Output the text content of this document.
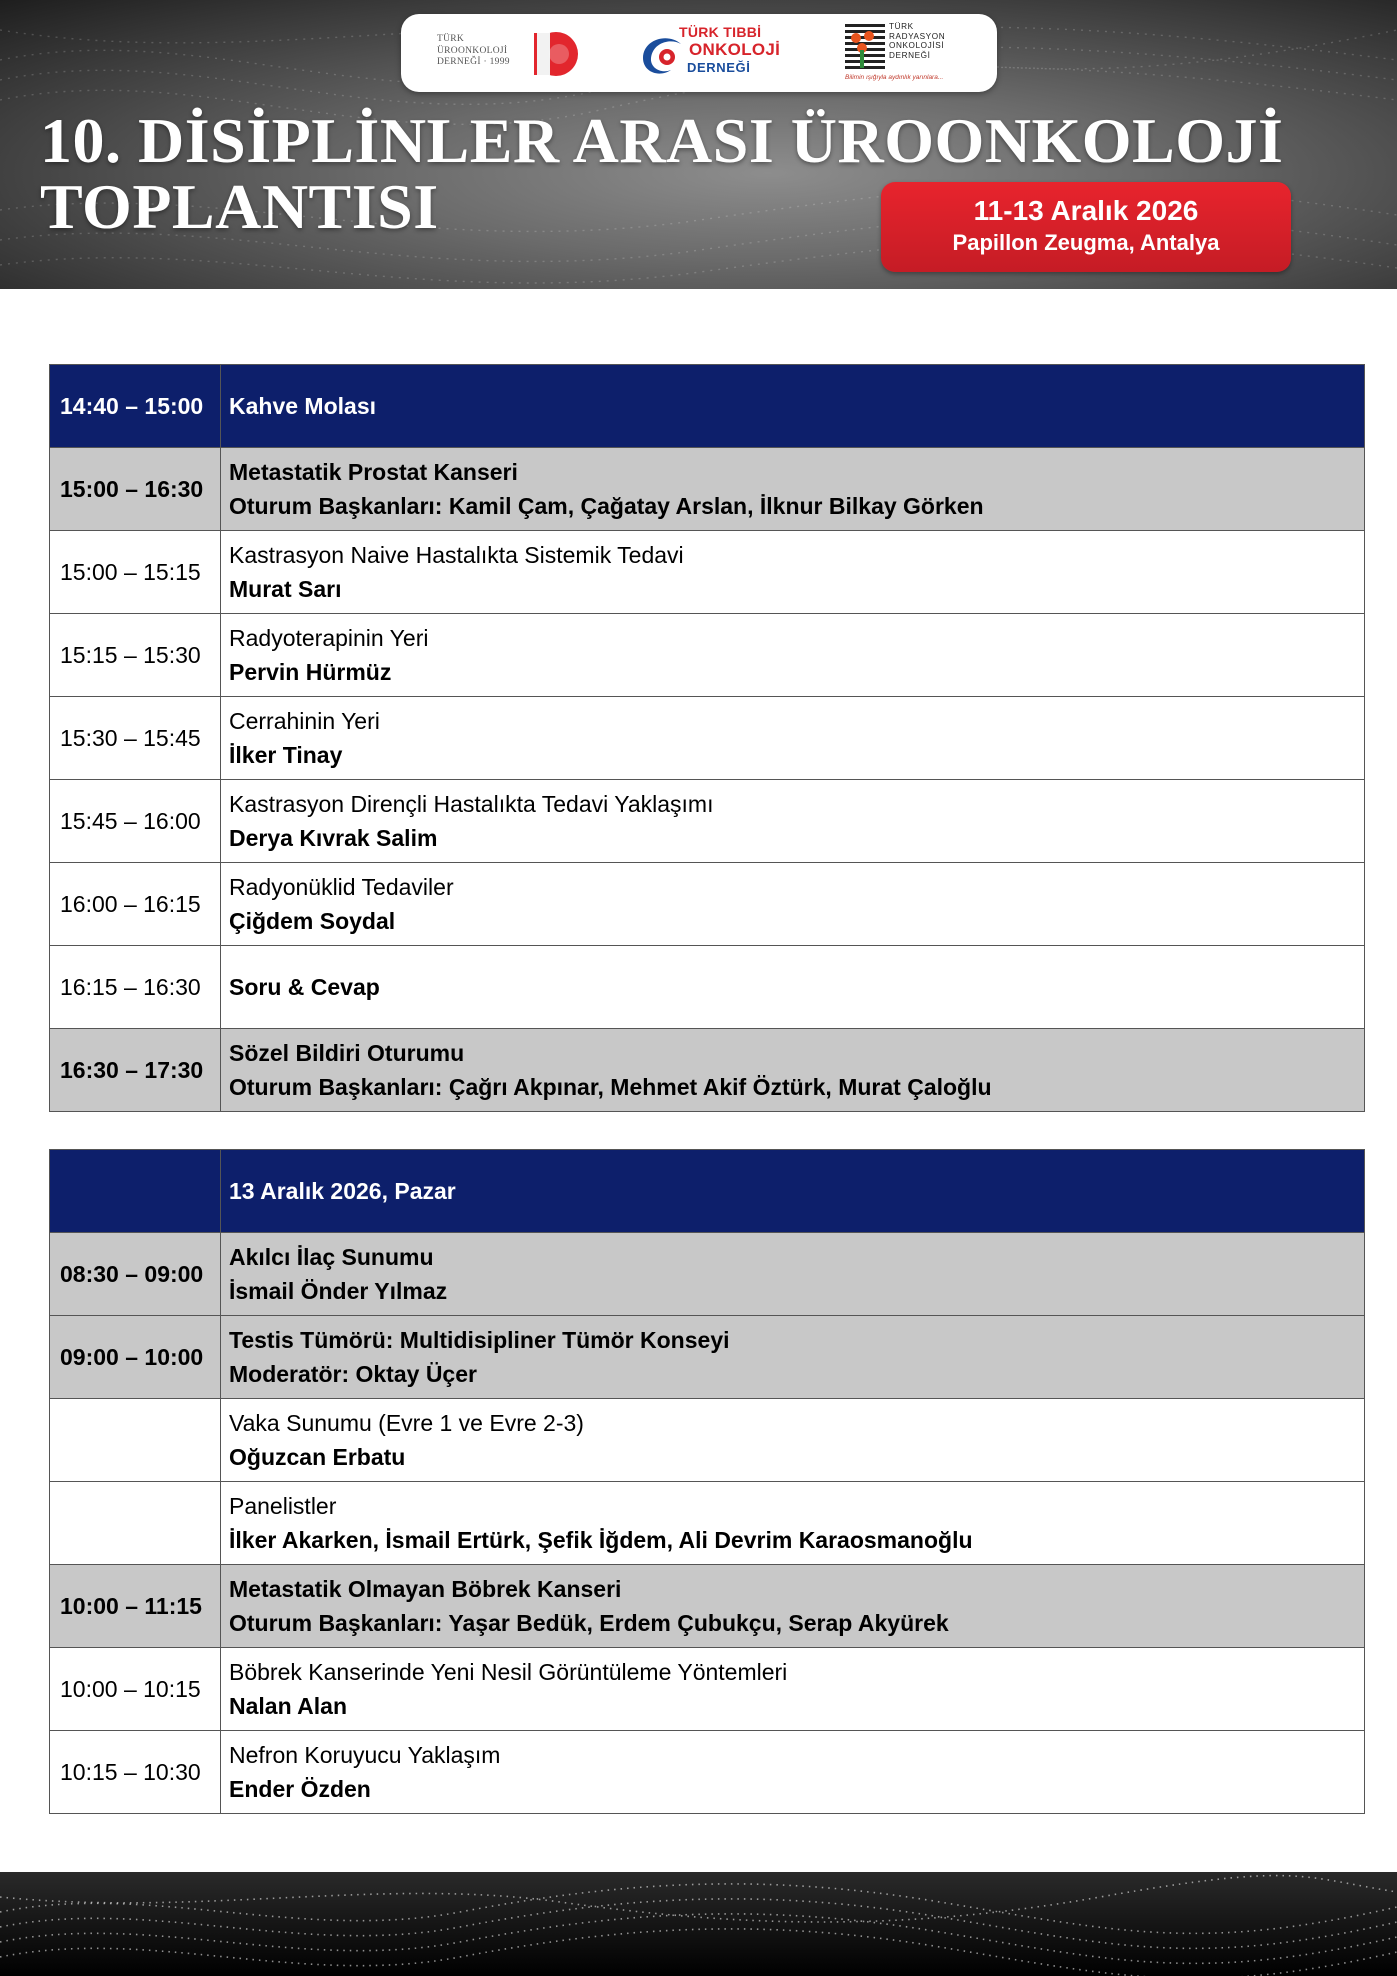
TÜRK
ÜROONKOLOJİ
DERNEĞİ · 1999
TÜRK TIBBİ
ONKOLOJİ
DERNEĞİ
TÜRK
RADYASYON
ONKOLOJİSİ
DERNEĞİ
Bilimin ışığıyla aydınlık yarınlara...
10. DİSİPLİNLER ARASI ÜROONKOLOJİ
TOPLANTISI	11-13 Aralık 2026
Papillon Zeugma, Antalya
14:40 – 15:00	Kahve Molası

15:00 – 16:30	Metastatik Prostat Kanseri
Oturum Başkanları: Kamil Çam, Çağatay Arslan, İlknur Bilkay Görken

15:00 – 15:15	Kastrasyon Naive Hastalıkta Sistemik Tedavi
Murat Sarı

15:15 – 15:30	Radyoterapinin Yeri
Pervin Hürmüz

15:30 – 15:45	Cerrahinin Yeri
İlker Tinay

15:45 – 16:00	Kastrasyon Dirençli Hastalıkta Tedavi Yaklaşımı
Derya Kıvrak Salim

16:00 – 16:15	Radyonüklid Tedaviler
Çiğdem Soydal

16:15 – 16:30	Soru & Cevap

16:30 – 17:30	Sözel Bildiri Oturumu
Oturum Başkanları: Çağrı Akpınar, Mehmet Akif Öztürk, Murat Çaloğlu

	13 Aralık 2026, Pazar

08:30 – 09:00	Akılcı İlaç Sunumu
İsmail Önder Yılmaz

09:00 – 10:00	Testis Tümörü: Multidisipliner Tümör Konseyi
Moderatör: Oktay Üçer

	Vaka Sunumu (Evre 1 ve Evre 2-3)
Oğuzcan Erbatu

	Panelistler
İlker Akarken, İsmail Ertürk, Şefik İğdem, Ali Devrim Karaosmanoğlu

10:00 – 11:15	Metastatik Olmayan Böbrek Kanseri
Oturum Başkanları: Yaşar Bedük, Erdem Çubukçu, Serap Akyürek

10:00 – 10:15	Böbrek Kanserinde Yeni Nesil Görüntüleme Yöntemleri
Nalan Alan

10:15 – 10:30	Nefron Koruyucu Yaklaşım
Ender Özden
